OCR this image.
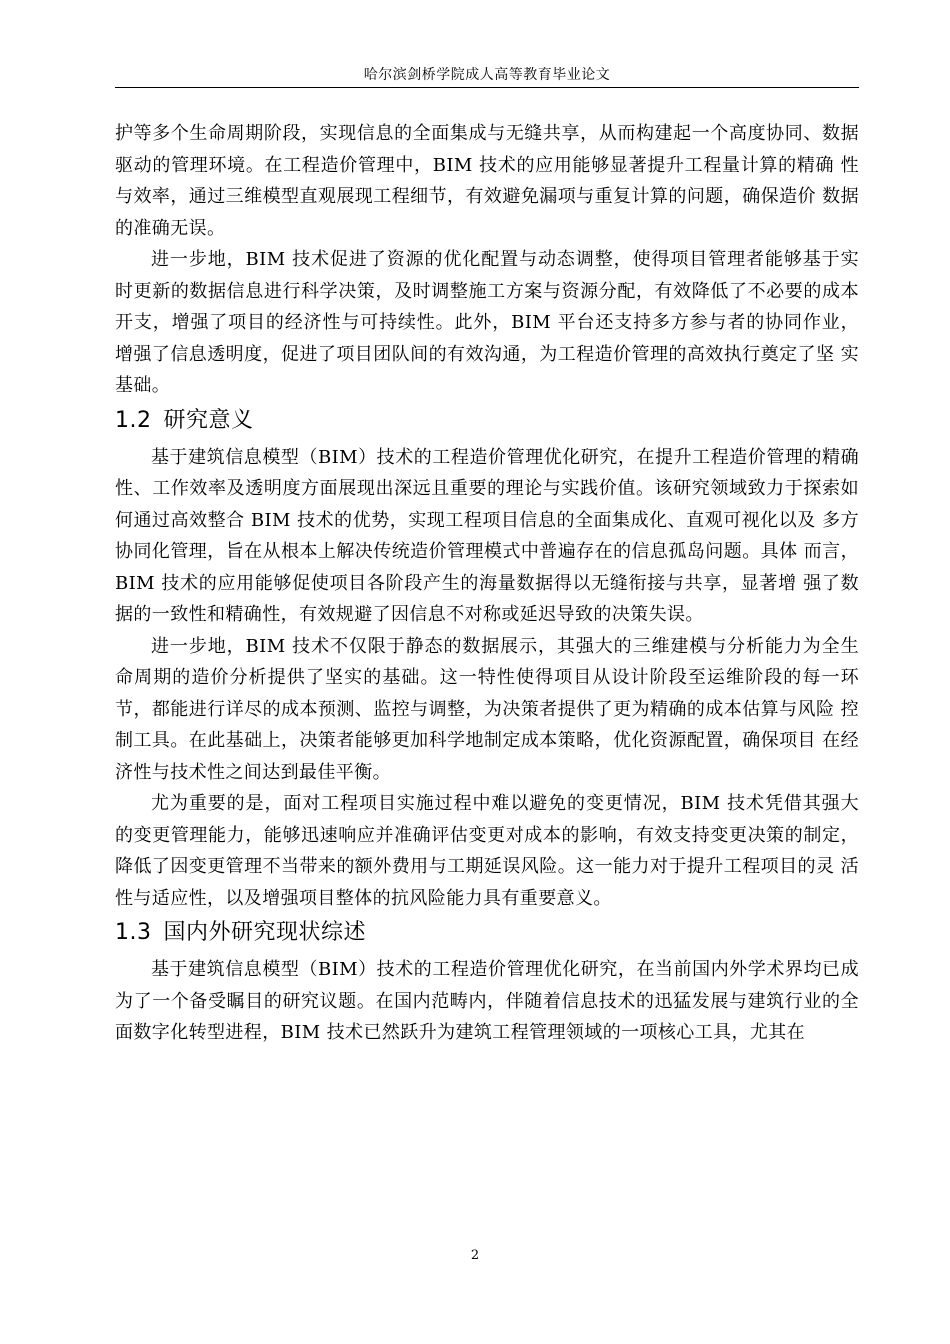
哈尔滨剑桥学院成人高等教育毕业论文

护等多个生命周期阶段，实现信息的全面集成与无缝共享，从而构建起一个高度协同、数据驱动的管理环境。在工程造价管理中，BIM 技术的应用能够显著提升工程量计算的精确 性与效率，通过三维模型直观展现工程细节，有效避免漏项与重复计算的问题，确保造价 数据的准确无误。

进一步地，BIM 技术促进了资源的优化配置与动态调整，使得项目管理者能够基于实时更新的数据信息进行科学决策，及时调整施工方案与资源分配，有效降低了不必要的成本开支，增强了项目的经济性与可持续性。此外，BIM 平台还支持多方参与者的协同作业， 增强了信息透明度，促进了项目团队间的有效沟通，为工程造价管理的高效执行奠定了坚 实基础。

1.2 研究意义

基于建筑信息模型（BIM）技术的工程造价管理优化研究，在提升工程造价管理的精确性、工作效率及透明度方面展现出深远且重要的理论与实践价值。该研究领域致力于探索如何通过高效整合 BIM 技术的优势，实现工程项目信息的全面集成化、直观可视化以及 多方协同化管理，旨在从根本上解决传统造价管理模式中普遍存在的信息孤岛问题。具体 而言，BIM 技术的应用能够促使项目各阶段产生的海量数据得以无缝衔接与共享，显著增 强了数据的一致性和精确性，有效规避了因信息不对称或延迟导致的决策失误。

进一步地，BIM 技术不仅限于静态的数据展示，其强大的三维建模与分析能力为全生 命周期的造价分析提供了坚实的基础。这一特性使得项目从设计阶段至运维阶段的每一环 节，都能进行详尽的成本预测、监控与调整，为决策者提供了更为精确的成本估算与风险 控制工具。在此基础上，决策者能够更加科学地制定成本策略，优化资源配置，确保项目 在经济性与技术性之间达到最佳平衡。

尤为重要的是，面对工程项目实施过程中难以避免的变更情况，BIM 技术凭借其强大的变更管理能力，能够迅速响应并准确评估变更对成本的影响，有效支持变更决策的制定， 降低了因变更管理不当带来的额外费用与工期延误风险。这一能力对于提升工程项目的灵 活性与适应性，以及增强项目整体的抗风险能力具有重要意义。

1.3 国内外研究现状综述

基于建筑信息模型（BIM）技术的工程造价管理优化研究，在当前国内外学术界均已成为了一个备受瞩目的研究议题。在国内范畴内，伴随着信息技术的迅猛发展与建筑行业的全面数字化转型进程，BIM 技术已然跃升为建筑工程管理领域的一项核心工具，尤其在

2
